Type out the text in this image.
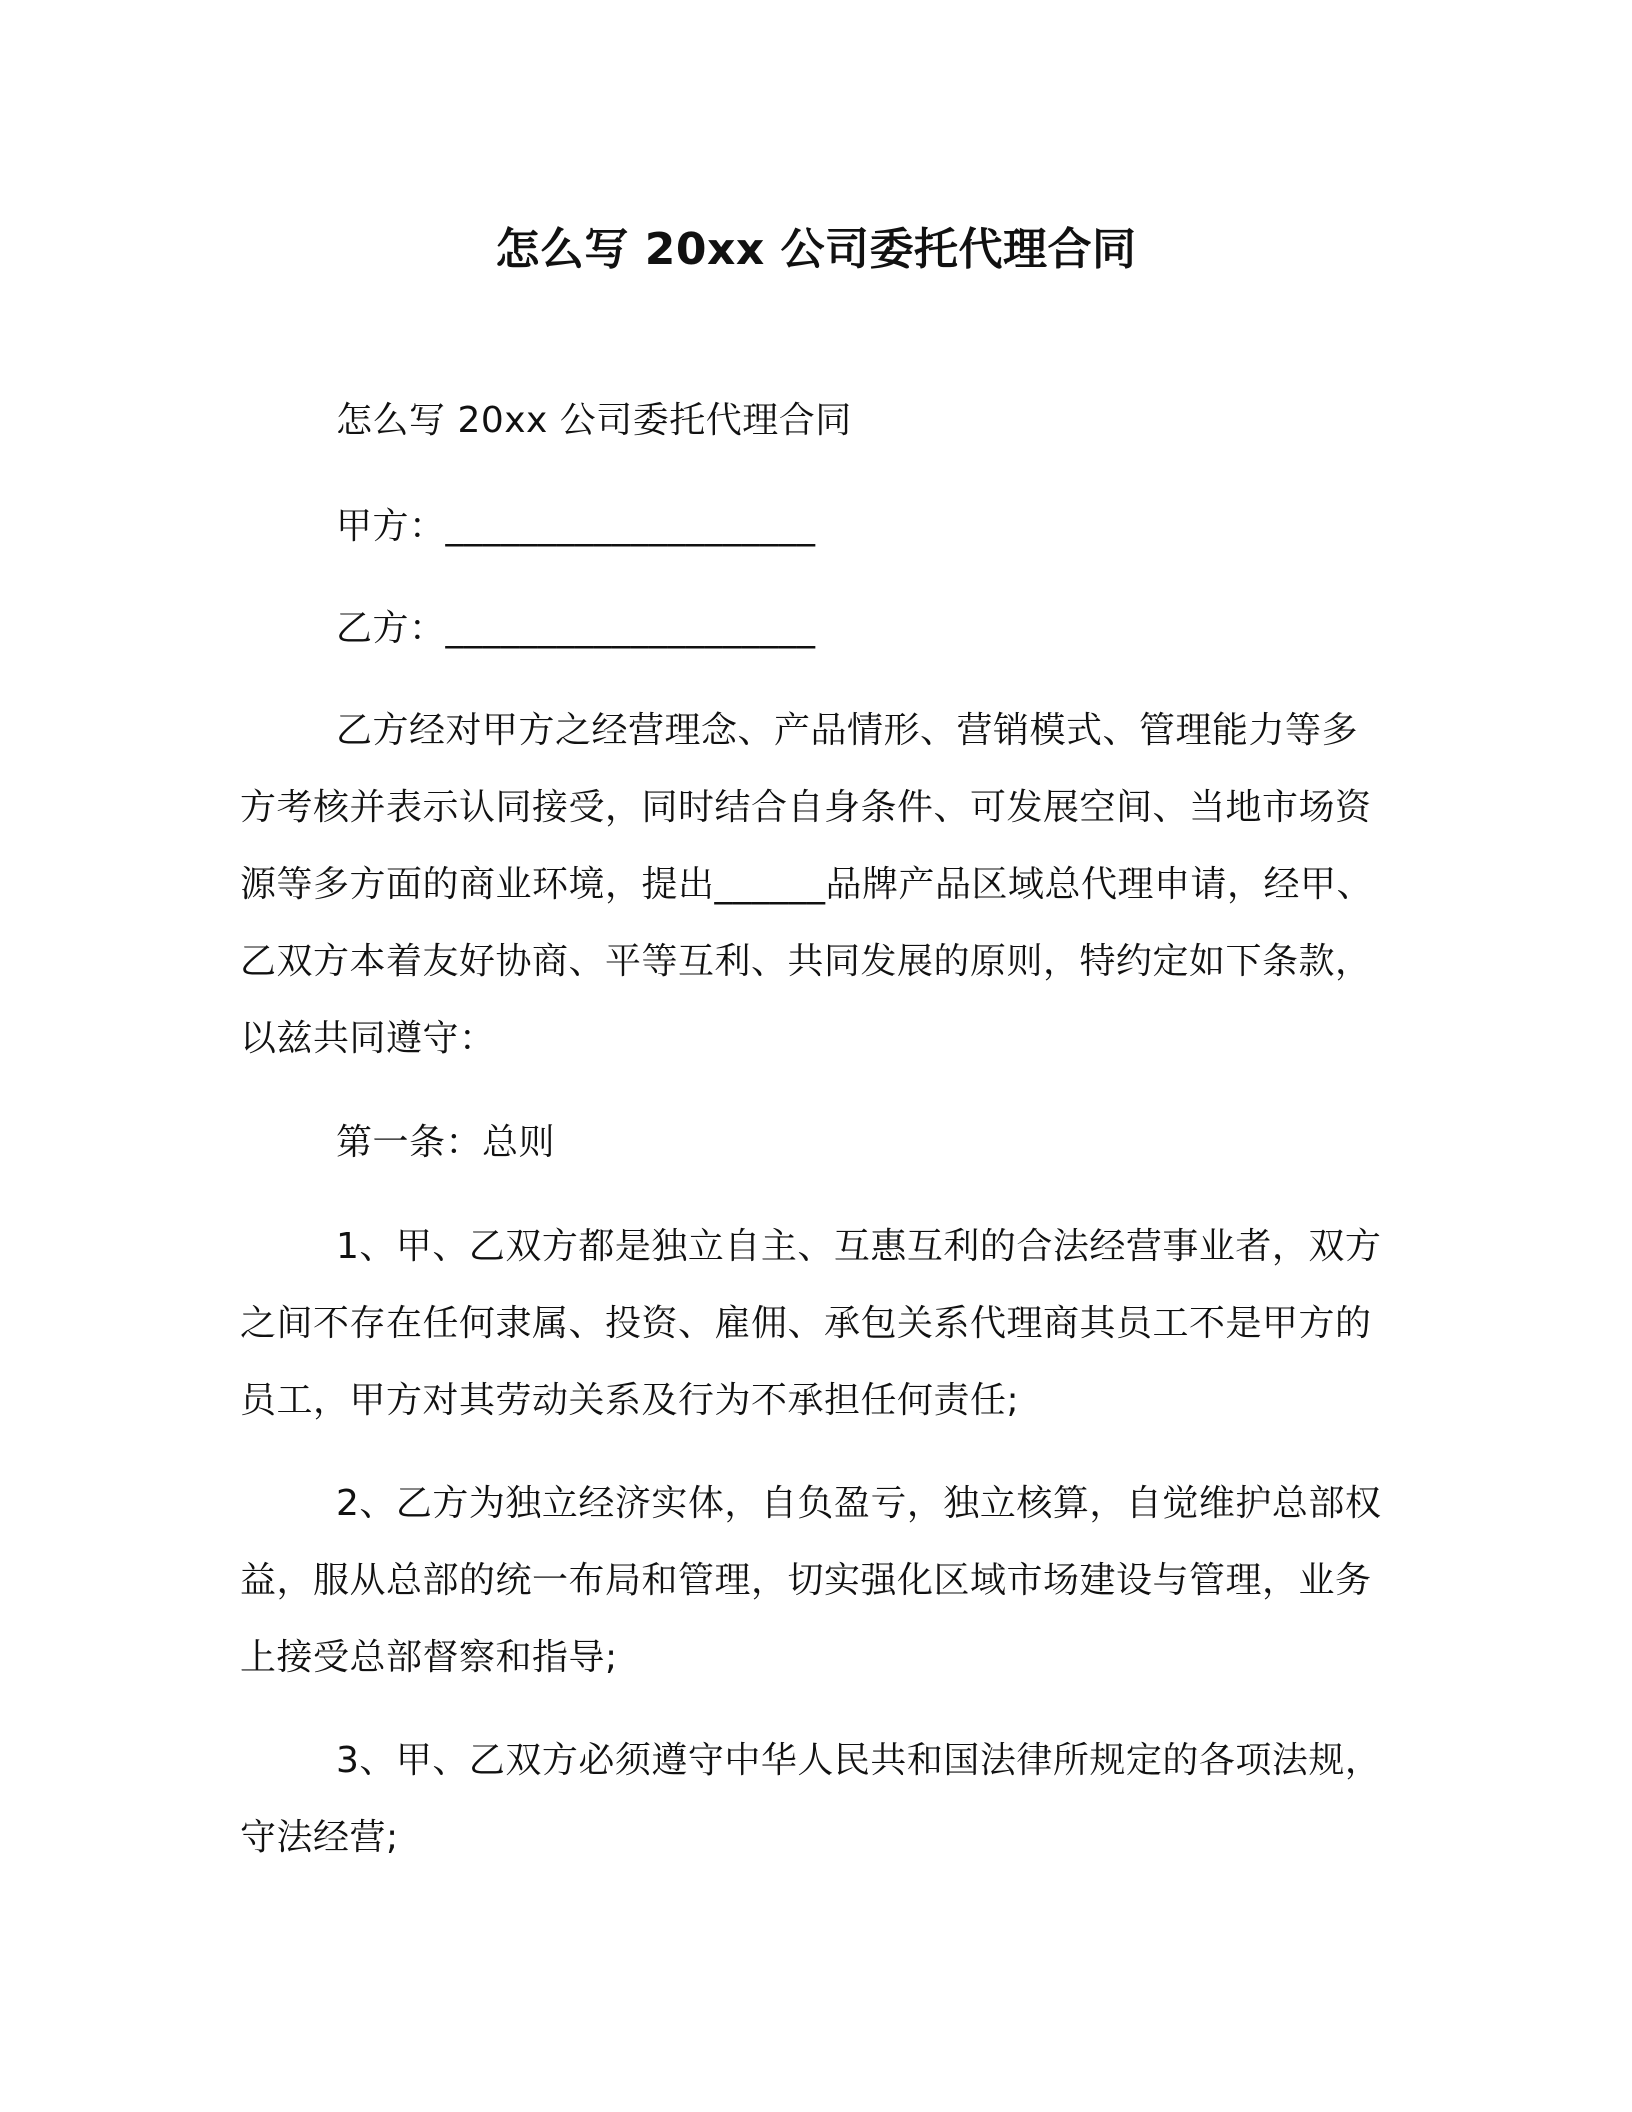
怎么写 20xx 公司委托代理合同
怎么写 20xx 公司委托代理合同
甲方：____________________
乙方：____________________

乙方经对甲方之经营理念、产品情形、营销模式、管理能力等多方考核并表示认同接受，同时结合自身条件、可发展空间、当地市场资源等多方面的商业环境，提出______品牌产品区域总代理申请，经甲、乙双方本着友好协商、平等互利、共同发展的原则，特约定如下条款，以兹共同遵守：

第一条：总则

1、甲、乙双方都是独立自主、互惠互利的合法经营事业者，双方之间不存在任何隶属、投资、雇佣、承包关系代理商其员工不是甲方的员工，甲方对其劳动关系及行为不承担任何责任;

2、乙方为独立经济实体，自负盈亏，独立核算，自觉维护总部权益，服从总部的统一布局和管理，切实强化区域市场建设与管理，业务上接受总部督察和指导;

3、甲、乙双方必须遵守中华人民共和国法律所规定的各项法规，守法经营;
